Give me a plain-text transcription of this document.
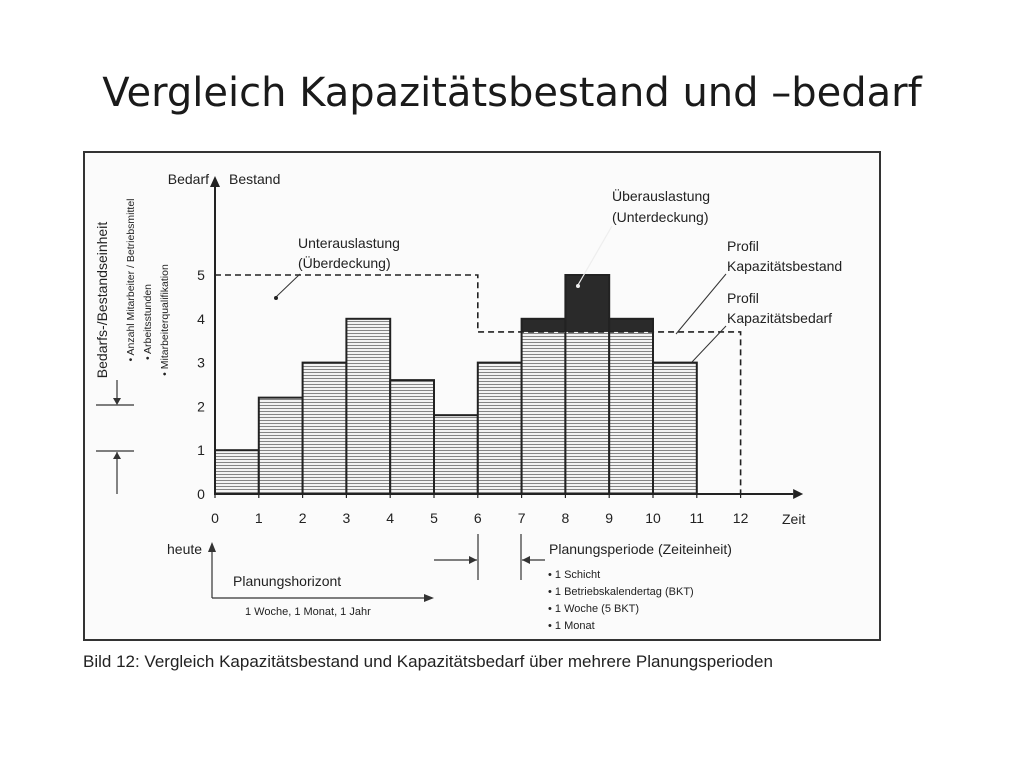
Vergleich Kapazitätsbestand und –bedarf
Bedarfs-/Bestandseinheit • Anzahl Mitarbeiter / Betriebsmittel • Arbeitsstunden • Mitarbeiterqualifikation
0	1	2	3	4	5	6	7	8	9 10 11 12
0
1
2
3
4
5
Bedarf Bestand
Zeit
Unterauslastung
(Überdeckung)
Überauslastung
(Unterdeckung)
Profil
Kapazitätsbestand
Profil
Kapazitätsbedarf
heute
Planungshorizont
1 Woche, 1 Monat, 1 Jahr
Planungsperiode (Zeiteinheit)
• 1 Schicht
• 1 Betriebskalendertag (BKT)
• 1 Woche (5 BKT)
• 1 Monat
Bild 12: Vergleich Kapazitätsbestand und Kapazitätsbedarf über mehrere Planungsperioden
